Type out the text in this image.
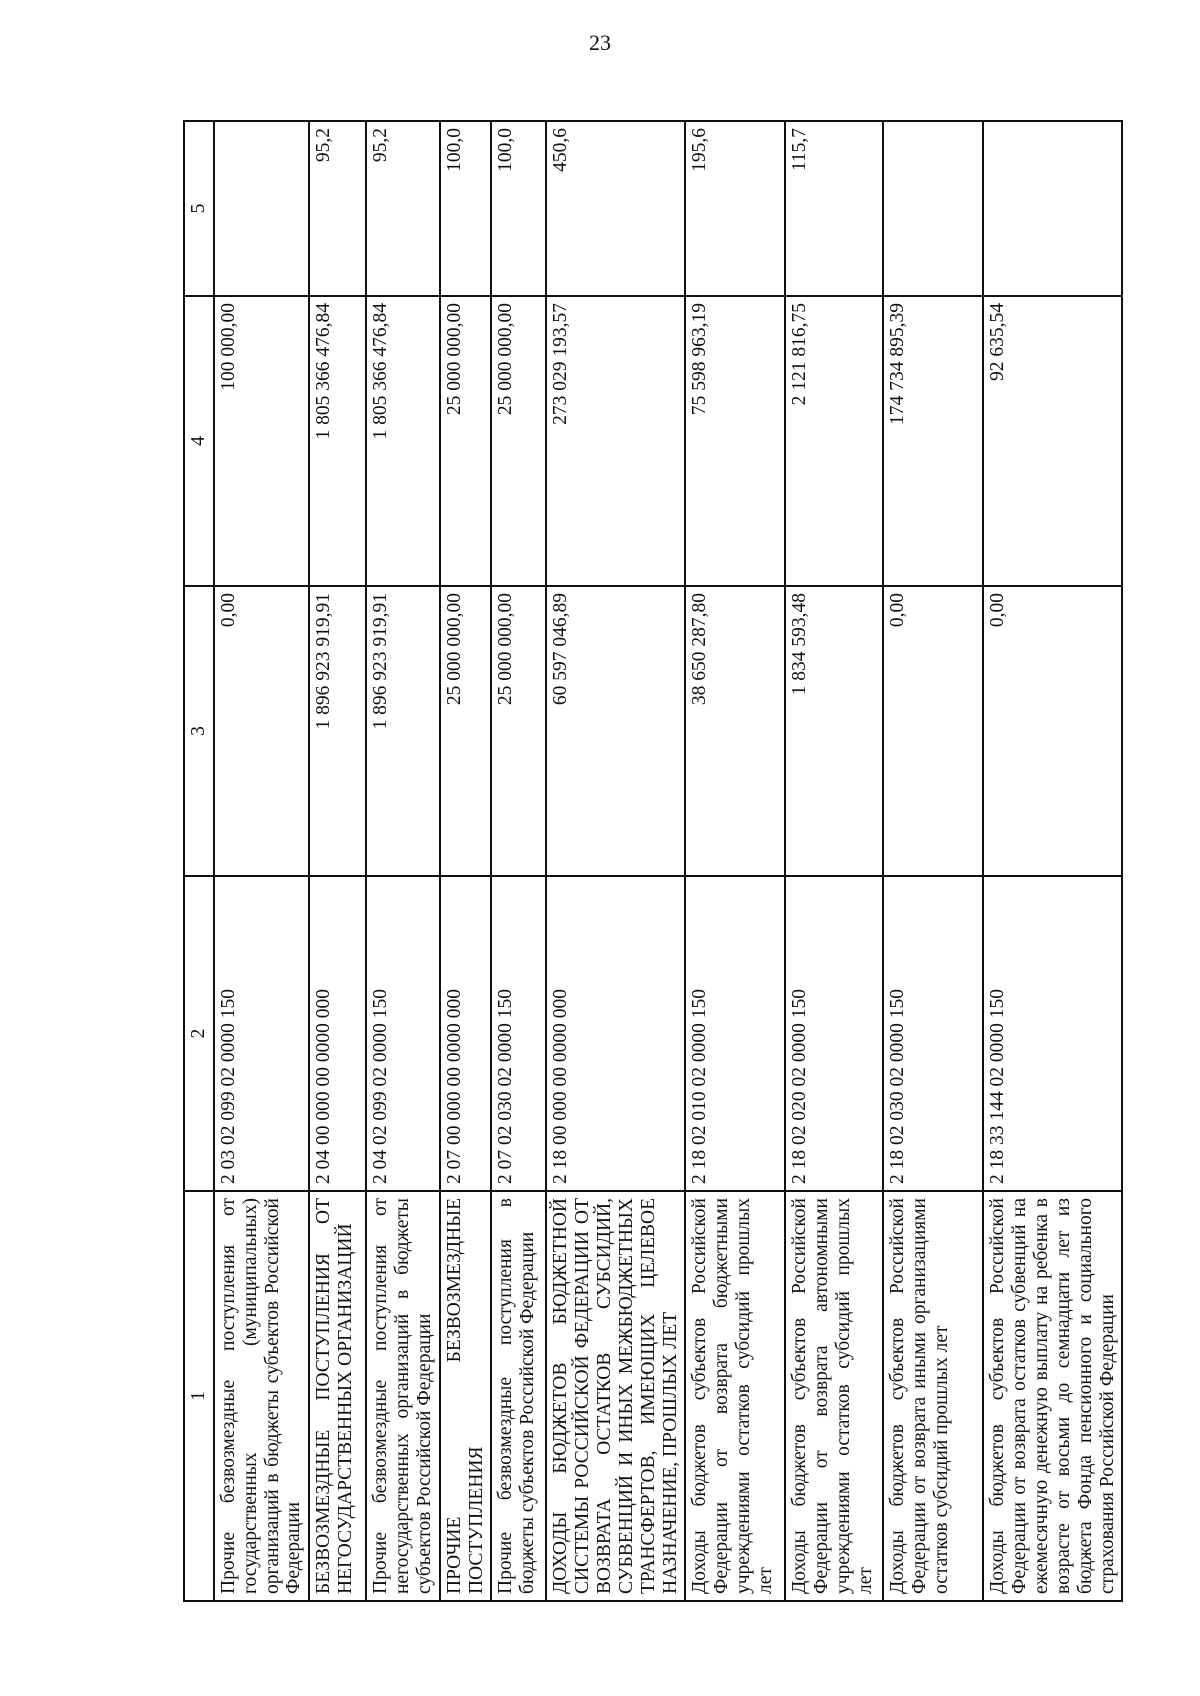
23
1	2	3	4	5
Прочие безвозмездные поступления от государственных (муниципальных) организаций в бюджеты субъектов Российской Федерации	2 03 02 099 02 0000 150	0,00	100 000,00	
БЕЗВОЗМЕЗДНЫЕ ПОСТУПЛЕНИЯ ОТ НЕГОСУДАРСТВЕННЫХ ОРГАНИЗАЦИЙ	2 04 00 000 00 0000 000	1 896 923 919,91	1 805 366 476,84	95,2
Прочие безвозмездные поступления от негосударственных организаций в бюджеты субъектов Российской Федерации	2 04 02 099 02 0000 150	1 896 923 919,91	1 805 366 476,84	95,2
ПРОЧИЕ БЕЗВОЗМЕЗДНЫЕ ПОСТУПЛЕНИЯ	2 07 00 000 00 0000 000	25 000 000,00	25 000 000,00	100,0
Прочие безвозмездные поступления в бюджеты субъектов Российской Федерации	2 07 02 030 02 0000 150	25 000 000,00	25 000 000,00	100,0
ДОХОДЫ БЮДЖЕТОВ БЮДЖЕТНОЙ СИСТЕМЫ РОССИЙСКОЙ ФЕДЕРАЦИИ ОТ ВОЗВРАТА ОСТАТКОВ СУБСИДИЙ, СУБВЕНЦИЙ И ИНЫХ МЕЖБЮДЖЕТНЫХ ТРАНСФЕРТОВ, ИМЕЮЩИХ ЦЕЛЕВОЕ НАЗНАЧЕНИЕ, ПРОШЛЫХ ЛЕТ	2 18 00 000 00 0000 000	60 597 046,89	273 029 193,57	450,6
Доходы бюджетов субъектов Российской Федерации от возврата бюджетными учреждениями остатков субсидий прошлых лет	2 18 02 010 02 0000 150	38 650 287,80	75 598 963,19	195,6
Доходы бюджетов субъектов Российской Федерации от возврата автономными учреждениями остатков субсидий прошлых лет	2 18 02 020 02 0000 150	1 834 593,48	2 121 816,75	115,7
Доходы бюджетов субъектов Российской Федерации от возврата иными организациями остатков субсидий прошлых лет	2 18 02 030 02 0000 150	0,00	174 734 895,39	
Доходы бюджетов субъектов Российской Федерации от возврата остатков субвенций на ежемесячную денежную выплату на ребенка в возрасте от восьми до семнадцати лет из бюджета Фонда пенсионного и социального страхования Российской Федерации	2 18 33 144 02 0000 150	0,00	92 635,54	
